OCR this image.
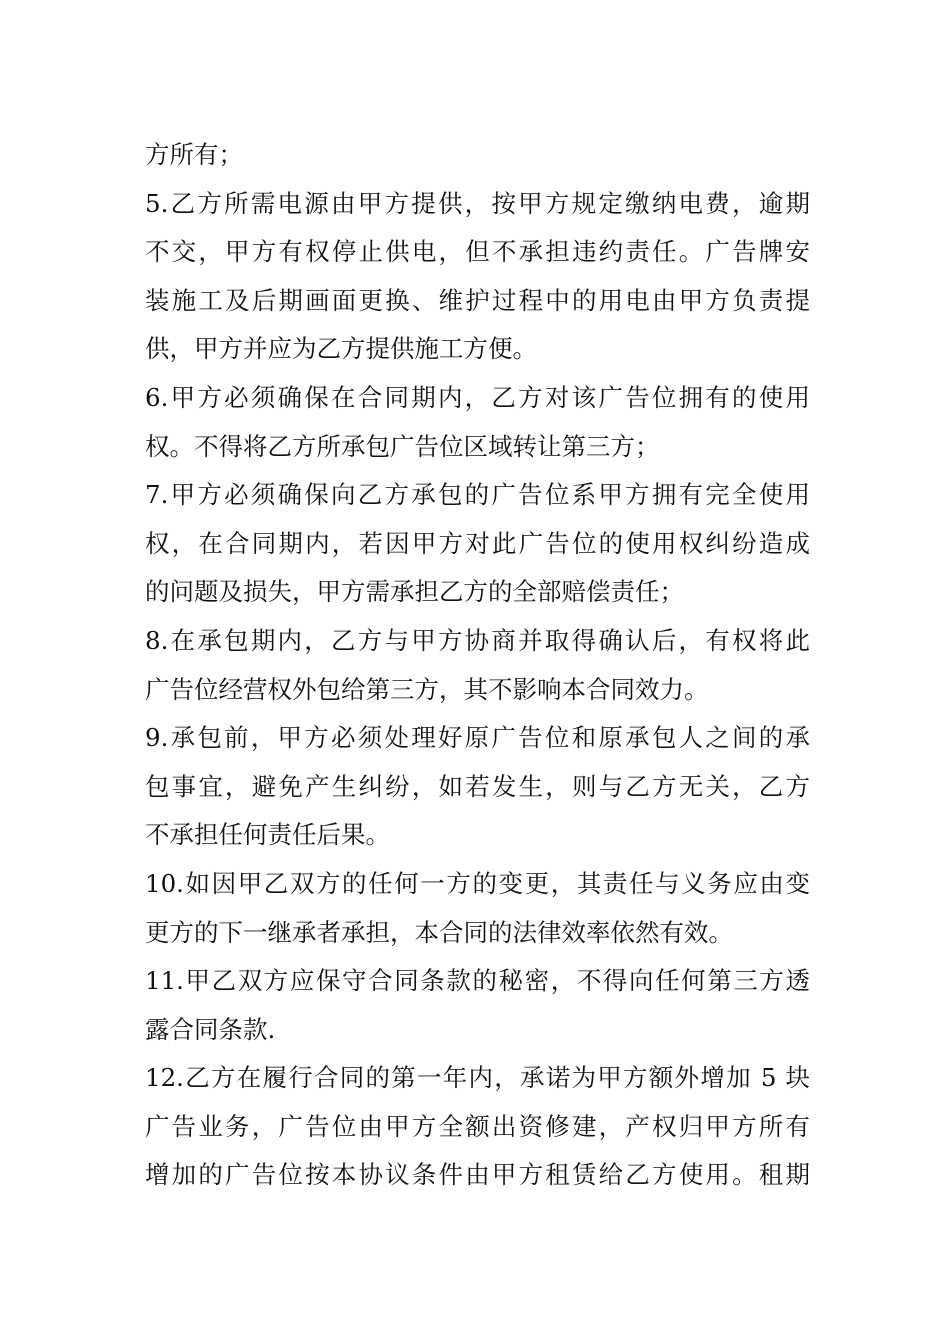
方所有；
5.乙方所需电源由甲方提供，按甲方规定缴纳电费，逾期
不交，甲方有权停止供电，但不承担违约责任。广告牌安
装施工及后期画面更换、维护过程中的用电由甲方负责提
供，甲方并应为乙方提供施工方便。
6.甲方必须确保在合同期内，乙方对该广告位拥有的使用
权。不得将乙方所承包广告位区域转让第三方；
7.甲方必须确保向乙方承包的广告位系甲方拥有完全使用
权，在合同期内，若因甲方对此广告位的使用权纠纷造成
的问题及损失，甲方需承担乙方的全部赔偿责任；
8.在承包期内，乙方与甲方协商并取得确认后，有权将此
广告位经营权外包给第三方，其不影响本合同效力。
9.承包前，甲方必须处理好原广告位和原承包人之间的承
包事宜，避免产生纠纷，如若发生，则与乙方无关，乙方
不承担任何责任后果。
10.如因甲乙双方的任何一方的变更，其责任与义务应由变
更方的下一继承者承担，本合同的法律效率依然有效。
11.甲乙双方应保守合同条款的秘密，不得向任何第三方透
露合同条款.
12.乙方在履行合同的第一年内，承诺为甲方额外增加 5 块
广告业务，广告位由甲方全额出资修建，产权归甲方所有
增加的广告位按本协议条件由甲方租赁给乙方使用。租期
